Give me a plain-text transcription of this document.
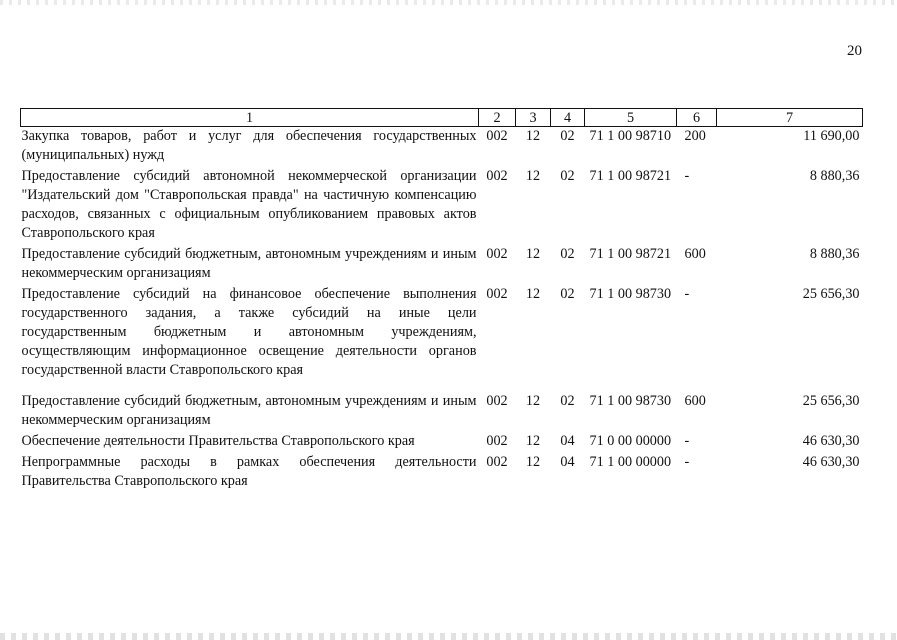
20
1	2	3	4	5	6	7
Закупка товаров, работ и услуг для обеспечения государственных (муниципальных) нужд	002	12	02	71 1 00 98710	200	11 690,00
Предоставление субсидий автономной некоммерческой организации "Издательский дом "Ставропольская правда" на частичную компенсацию расходов, связанных с официальным опубликованием правовых актов Ставропольского края	002	12	02	71 1 00 98721	-	8 880,36
Предоставление субсидий бюджетным, автономным учреждениям и иным некоммерческим организациям	002	12	02	71 1 00 98721	600	8 880,36
Предоставление субсидий на финансовое обеспечение выполнения государственного задания, а также субсидий на иные цели государственным бюджетным и автономным учреждениям, осуществляющим информационное освещение деятельности органов государственной власти Ставропольского края	002	12	02	71 1 00 98730	-	25 656,30
Предоставление субсидий бюджетным, автономным учреждениям и иным некоммерческим организациям	002	12	02	71 1 00 98730	600	25 656,30
Обеспечение деятельности Правительства Ставропольского края	002	12	04	71 0 00 00000	-	46 630,30
Непрограммные расходы в рамках обеспечения деятельности Правительства Ставропольского края	002	12	04	71 1 00 00000	-	46 630,30
